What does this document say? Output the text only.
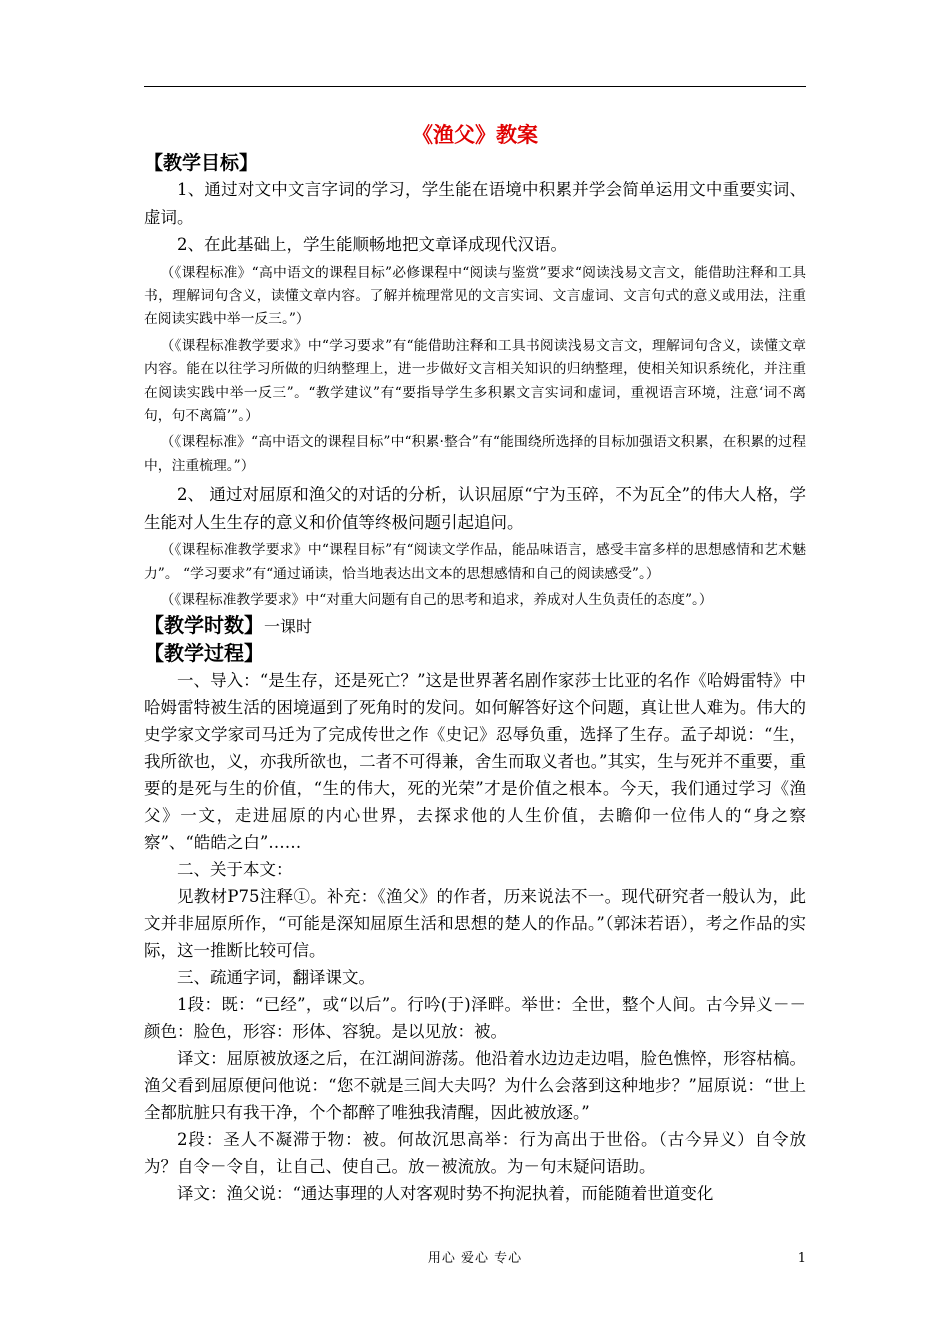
《渔父》教案

【教学目标】

1、通过对文中文言字词的学习，学生能在语境中积累并学会简单运用文中重要实词、虚词。

2、在此基础上，学生能顺畅地把文章译成现代汉语。

（《课程标准》“高中语文的课程目标”必修课程中“阅读与鉴赏”要求“阅读浅易文言文，能借助注释和工具书，理解词句含义，读懂文章内容。了解并梳理常见的文言实词、文言虚词、文言句式的意义或用法，注重在阅读实践中举一反三。”）

（《课程标准教学要求》中“学习要求”有“能借助注释和工具书阅读浅易文言文，理解词句含义，读懂文章内容。能在以往学习所做的归纳整理上，进一步做好文言相关知识的归纳整理，使相关知识系统化，并注重在阅读实践中举一反三”。“教学建议”有“要指导学生多积累文言实词和虚词，重视语言环境，注意‘词不离句，句不离篇’”。）

（《课程标准》“高中语文的课程目标”中“积累·整合”有“能围绕所选择的目标加强语文积累，在积累的过程中，注重梳理。”）

2、 通过对屈原和渔父的对话的分析，认识屈原“宁为玉碎，不为瓦全”的伟大人格，学生能对人生生存的意义和价值等终极问题引起追问。

（《课程标准教学要求》中“课程目标”有“阅读文学作品，能品味语言，感受丰富多样的思想感情和艺术魅力”。 “学习要求”有“通过诵读，恰当地表达出文本的思想感情和自己的阅读感受”。）

（《课程标准教学要求》中“对重大问题有自己的思考和追求，养成对人生负责任的态度”。）

【教学时数】一课时

【教学过程】

一、导入：“是生存，还是死亡？”这是世界著名剧作家莎士比亚的名作《哈姆雷特》中哈姆雷特被生活的困境逼到了死角时的发问。如何解答好这个问题，真让世人难为。伟大的史学家文学家司马迁为了完成传世之作《史记》忍辱负重，选择了生存。孟子却说：“生，我所欲也，义，亦我所欲也，二者不可得兼，舍生而取义者也。”其实，生与死并不重要，重要的是死与生的价值，“生的伟大，死的光荣”才是价值之根本。今天，我们通过学习《渔父》一文，走进屈原的内心世界，去探求他的人生价值，去瞻仰一位伟人的“身之察察”、“皓皓之白”……

二、关于本文：

见教材P75注释①。补充：《渔父》的作者，历来说法不一。现代研究者一般认为，此文并非屈原所作，“可能是深知屈原生活和思想的楚人的作品。”（郭沫若语），考之作品的实际，这一推断比较可信。

三、疏通字词，翻译课文。

1段：既：“已经”，或“以后”。行吟(于)泽畔。举世：全世，整个人间。古今异义－－颜色：脸色，形容：形体、容貌。是以见放：被。

译文：屈原被放逐之后，在江湖间游荡。他沿着水边边走边唱，脸色憔悴，形容枯槁。渔父看到屈原便问他说：“您不就是三闾大夫吗？为什么会落到这种地步？”屈原说：“世上全都肮脏只有我干净，个个都醉了唯独我清醒，因此被放逐。”

2段：圣人不凝滞于物：被。何故沉思高举：行为高出于世俗。（古今异义）自令放为？自令－令自，让自己、使自己。放－被流放。为－句末疑问语助。

译文：渔父说：“通达事理的人对客观时势不拘泥执着，而能随着世道变化

用心 爱心 专心	1
